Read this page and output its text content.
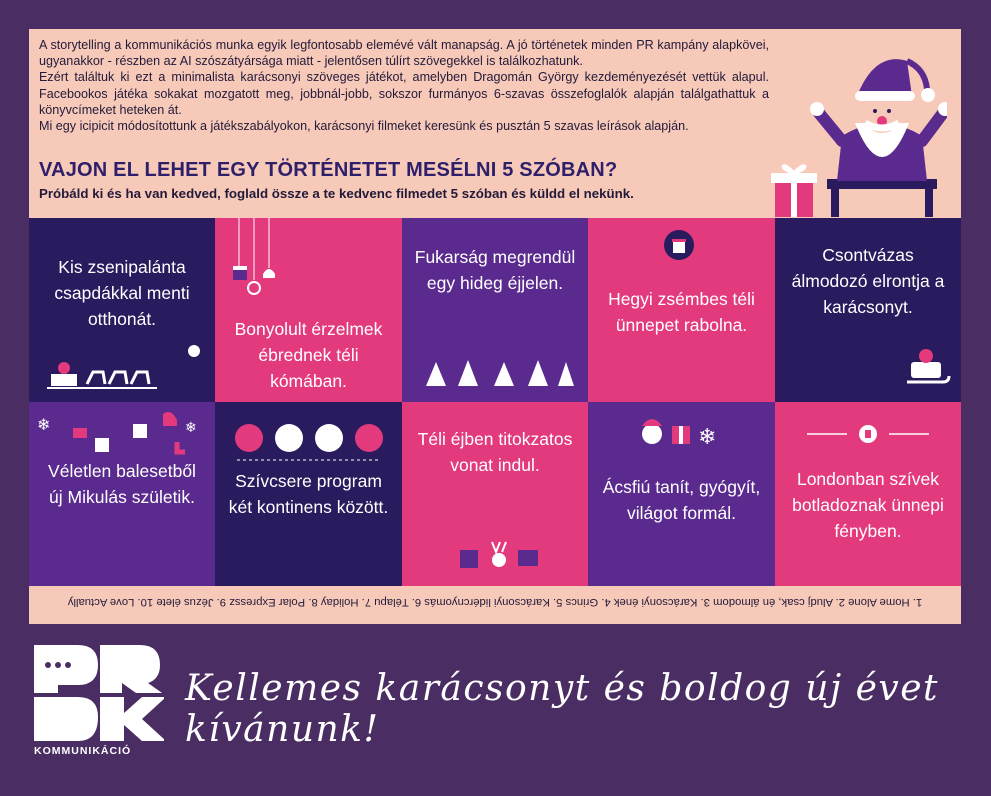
A storytelling a kommunikációs munka egyik legfontosabb elemévé vált manapság. A jó történetek minden PR kampány alapkövei, ugyanakkor - részben az AI szószátyársága miatt - jelentősen túlírt szövegekkel is találkozhatunk.

Ezért találtuk ki ezt a minimalista karácsonyi szöveges játékot, amelyben Dragomán György kezdeményezését vettük alapul. Facebookos játéka sokakat mozgatott meg, jobbnál-jobb, sokszor furmányos 6-szavas összefoglalók alapján találgathattuk a könyvcímeket heteken át.

Mi egy icipicit módosítottunk a játékszabályokon, karácsonyi filmeket keresünk és pusztán 5 szavas leírások alapján.

VAJON EL LEHET EGY TÖRTÉNETET MESÉLNI 5 SZÓBAN?
Próbáld ki és ha van kedved, foglald össze a te kedvenc filmedet 5 szóban és küldd el nekünk.
Kis zsenipalánta csapdákkal menti otthonát.	Bonyolult érzelmek ébrednek téli kómában.
Fukarság megrendül egy hideg éjjelen.
Hegyi zsémbes téli ünnepet rabolna.
Csontvázas álmodozó elrontja a karácsonyt.
Véletlen balesetből új Mikulás születik.
❄	❄
Szívcsere program két kontinens között.
Téli éjben titokzatos vonat indul.
Ácsfiú tanít, gyógyít, világot formál.
❄
Londonban szívek botladoznak ünnepi fényben.
1. Home Alone 2. Aludj csak, én álmodom 3. Karácsonyi ének 4. Grincs 5. Karácsonyi lidércnyomás 6. Télapu 7. Holiday 8. Polar Expressz 9. Jézus élete 10. Love Actually
KOMMUNIKÁCIÓ
Kellemes karácsonyt és boldog új évet kívánunk!
